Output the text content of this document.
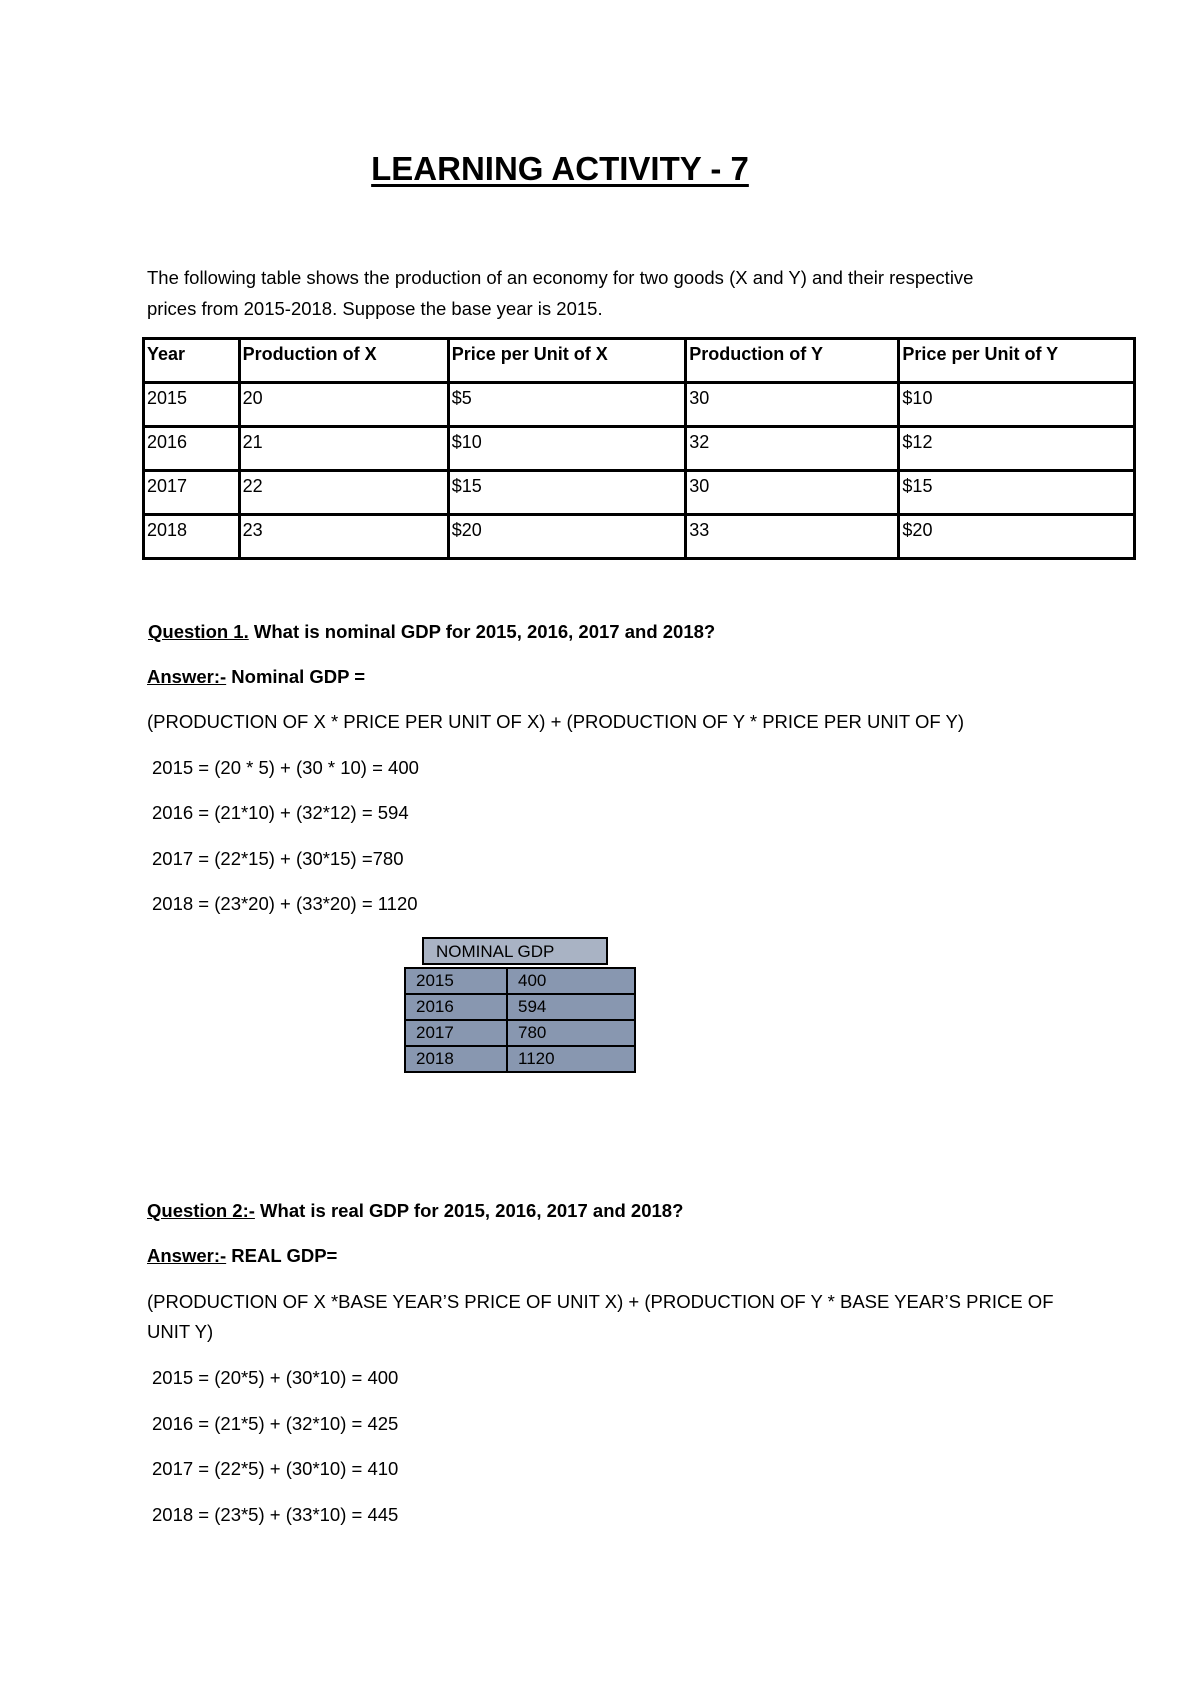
LEARNING ACTIVITY - 7
The following table shows the production of an economy for two goods (X and Y) and their respective
prices from 2015-2018. Suppose the base year is 2015.
Year	Production of X	Price per Unit of X	Production of Y	Price per Unit of Y
2015	20	$5	30	$10
2016	21	$10	32	$12
2017	22	$15	30	$15
2018	23	$20	33	$20
Question 1. What is nominal GDP for 2015, 2016, 2017 and 2018?
Answer:- Nominal GDP =
(PRODUCTION OF X * PRICE PER UNIT OF X) + (PRODUCTION OF Y * PRICE PER UNIT OF Y)
2015 = (20 * 5) + (30 * 10) = 400
2016 = (21*10) + (32*12) = 594
2017 = (22*15) + (30*15) =780
2018 = (23*20) + (33*20) = 1120
NOMINAL GDP
2015	400
2016	594
2017	780
2018	1120
Question 2:- What is real GDP for 2015, 2016, 2017 and 2018?
Answer:- REAL GDP=
(PRODUCTION OF X *BASE YEAR’S PRICE OF UNIT X) + (PRODUCTION OF Y * BASE YEAR’S PRICE OF
UNIT Y)
2015 = (20*5) + (30*10) = 400
2016 = (21*5) + (32*10) = 425
2017 = (22*5) + (30*10) = 410
2018 = (23*5) + (33*10) = 445
